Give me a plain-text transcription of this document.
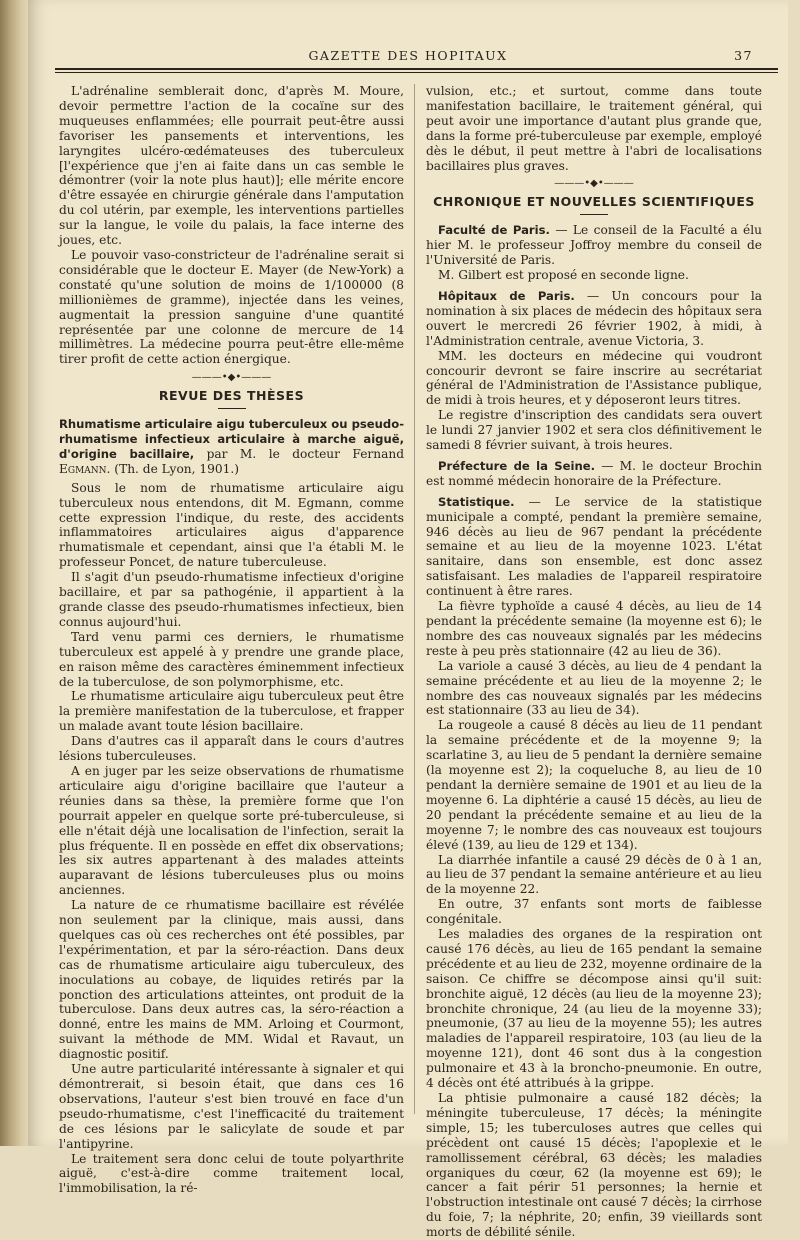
GAZETTE DES HOPITAUX	37

L'adrénaline semblerait donc, d'après M. Moure, devoir permettre l'action de la cocaïne sur des muqueuses enflammées; elle pourrait peut-être aussi favoriser les pansements et interventions, les laryngites ulcéro-œdémateuses des tuberculeux [l'expérience que j'en ai faite dans un cas semble le démontrer (voir la note plus haut)]; elle mérite encore d'être essayée en chirurgie générale dans l'amputation du col utérin, par exemple, les interventions partielles sur la langue, le voile du palais, la face interne des joues, etc.

Le pouvoir vaso-constricteur de l'adrénaline serait si considérable que le docteur E. Mayer (de New-York) a constaté qu'une solution de moins de 1/100000 (8 millionièmes de gramme), injectée dans les veines, augmentait la pression sanguine d'une quantité représentée par une colonne de mercure de 14 millimètres. La médecine pourra peut-être elle-même tirer profit de cette action énergique.

———•◆•———
REVUE DES THÈSES

Rhumatisme articulaire aigu tuberculeux ou pseudo-rhumatisme infectieux articulaire à marche aiguë, d'origine bacillaire, par M. le docteur Fernand Egmann. (Th. de Lyon, 1901.)

Sous le nom de rhumatisme articulaire aigu tuberculeux nous entendons, dit M. Egmann, comme cette expression l'indique, du reste, des accidents inflammatoires articulaires aigus d'apparence rhumatismale et cependant, ainsi que l'a établi M. le professeur Poncet, de nature tuberculeuse.

Il s'agit d'un pseudo-rhumatisme infectieux d'origine bacillaire, et par sa pathogénie, il appartient à la grande classe des pseudo-rhumatismes infectieux, bien connus aujourd'hui.

Tard venu parmi ces derniers, le rhumatisme tuberculeux est appelé à y prendre une grande place, en raison même des caractères éminemment infectieux de la tuberculose, de son polymorphisme, etc.

Le rhumatisme articulaire aigu tuberculeux peut être la première manifestation de la tuberculose, et frapper un malade avant toute lésion bacillaire.

Dans d'autres cas il apparaît dans le cours d'autres lésions tuberculeuses.

A en juger par les seize observations de rhumatisme articulaire aigu d'origine bacillaire que l'auteur a réunies dans sa thèse, la première forme que l'on pourrait appeler en quelque sorte pré-tuberculeuse, si elle n'était déjà une localisation de l'infection, serait la plus fréquente. Il en possède en effet dix observations; les six autres appartenant à des malades atteints auparavant de lésions tuberculeuses plus ou moins anciennes.

La nature de ce rhumatisme bacillaire est révélée non seulement par la clinique, mais aussi, dans quelques cas où ces recherches ont été possibles, par l'expérimentation, et par la séro-réaction. Dans deux cas de rhumatisme articulaire aigu tuberculeux, des inoculations au cobaye, de liquides retirés par la ponction des articulations atteintes, ont produit de la tuberculose. Dans deux autres cas, la séro-réaction a donné, entre les mains de MM. Arloing et Courmont, suivant la méthode de MM. Widal et Ravaut, un diagnostic positif.

Une autre particularité intéressante à signaler et qui démontrerait, si besoin était, que dans ces 16 observations, l'auteur s'est bien trouvé en face d'un pseudo-rhumatisme, c'est l'inefficacité du traitement de ces lésions par le salicylate de soude et par l'antipyrine.

Le traitement sera donc celui de toute polyarthrite aiguë, c'est-à-dire comme traitement local, l'immobilisation, la ré-

vulsion, etc.; et surtout, comme dans toute manifestation bacillaire, le traitement général, qui peut avoir une importance d'autant plus grande que, dans la forme pré-tuberculeuse par exemple, employé dès le début, il peut mettre à l'abri de localisations bacillaires plus graves.

———•◆•———
CHRONIQUE ET NOUVELLES SCIENTIFIQUES

Faculté de Paris. — Le conseil de la Faculté a élu hier M. le professeur Joffroy membre du conseil de l'Université de Paris.

M. Gilbert est proposé en seconde ligne.

Hôpitaux de Paris. — Un concours pour la nomination à six places de médecin des hôpitaux sera ouvert le mercredi 26 février 1902, à midi, à l'Administration centrale, avenue Victoria, 3.

MM. les docteurs en médecine qui voudront concourir devront se faire inscrire au secrétariat général de l'Administration de l'Assistance publique, de midi à trois heures, et y déposeront leurs titres.

Le registre d'inscription des candidats sera ouvert le lundi 27 janvier 1902 et sera clos définitivement le samedi 8 février suivant, à trois heures.

Préfecture de la Seine. — M. le docteur Brochin est nommé médecin honoraire de la Préfecture.

Statistique. — Le service de la statistique municipale a compté, pendant la première semaine, 946 décès au lieu de 967 pendant la précédente semaine et au lieu de la moyenne 1023. L'état sanitaire, dans son ensemble, est donc assez satisfaisant. Les maladies de l'appareil respiratoire continuent à être rares.

La fièvre typhoïde a causé 4 décès, au lieu de 14 pendant la précédente semaine (la moyenne est 6); le nombre des cas nouveaux signalés par les médecins reste à peu près stationnaire (42 au lieu de 36).

La variole a causé 3 décès, au lieu de 4 pendant la semaine précédente et au lieu de la moyenne 2; le nombre des cas nouveaux signalés par les médecins est stationnaire (33 au lieu de 34).

La rougeole a causé 8 décès au lieu de 11 pendant la semaine précédente et de la moyenne 9; la scarlatine 3, au lieu de 5 pendant la dernière semaine (la moyenne est 2); la coqueluche 8, au lieu de 10 pendant la dernière semaine de 1901 et au lieu de la moyenne 6. La diphtérie a causé 15 décès, au lieu de 20 pendant la précédente semaine et au lieu de la moyenne 7; le nombre des cas nouveaux est toujours élevé (139, au lieu de 129 et 134).

La diarrhée infantile a causé 29 décès de 0 à 1 an, au lieu de 37 pendant la semaine antérieure et au lieu de la moyenne 22.

En outre, 37 enfants sont morts de faiblesse congénitale.

Les maladies des organes de la respiration ont causé 176 décès, au lieu de 165 pendant la semaine précédente et au lieu de 232, moyenne ordinaire de la saison. Ce chiffre se décompose ainsi qu'il suit: bronchite aiguë, 12 décès (au lieu de la moyenne 23); bronchite chronique, 24 (au lieu de la moyenne 33); pneumonie, (37 au lieu de la moyenne 55); les autres maladies de l'appareil respiratoire, 103 (au lieu de la moyenne 121), dont 46 sont dus à la congestion pulmonaire et 43 à la broncho-pneumonie. En outre, 4 décès ont été attribués à la grippe.

La phtisie pulmonaire a causé 182 décès; la méningite tuberculeuse, 17 décès; la méningite simple, 15; les tuberculoses autres que celles qui précèdent ont causé 15 décès; l'apoplexie et le ramollissement cérébral, 63 décès; les maladies organiques du cœur, 62 (la moyenne est 69); le cancer a fait périr 51 personnes; la hernie et l'obstruction intestinale ont causé 7 décès; la cirrhose du foie, 7; la néphrite, 20; enfin, 39 vieillards sont morts de débilité sénile.
